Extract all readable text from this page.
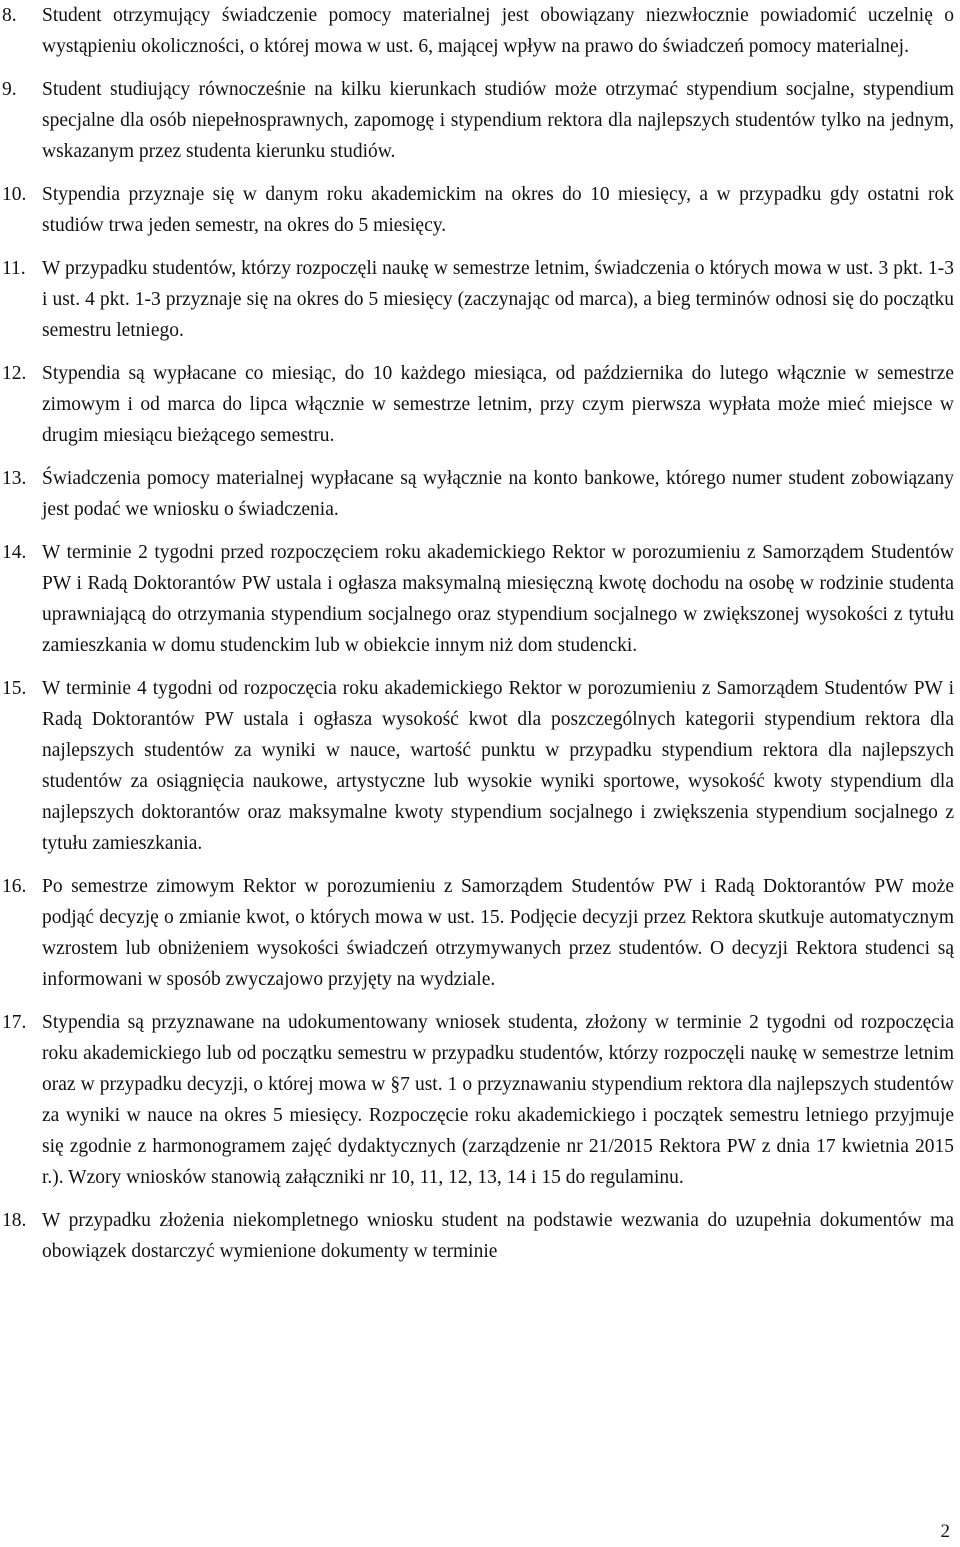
8.	Student otrzymujący świadczenie pomocy materialnej jest obowiązany niezwłocznie powiadomić uczelnię o wystąpieniu okoliczności, o której mowa w ust. 6, mającej wpływ na prawo do świadczeń pomocy materialnej.
9.	Student studiujący równocześnie na kilku kierunkach studiów może otrzymać stypendium socjalne, stypendium specjalne dla osób niepełnosprawnych, zapomogę i stypendium rektora dla najlepszych studentów tylko na jednym, wskazanym przez studenta kierunku studiów.
10. Stypendia przyznaje się w danym roku akademickim na okres do 10 miesięcy, a w przypadku gdy ostatni rok studiów trwa jeden semestr, na okres do 5 miesięcy.
11. W przypadku studentów, którzy rozpoczęli naukę w semestrze letnim, świadczenia o których mowa w ust. 3 pkt. 1-3 i ust. 4 pkt. 1-3 przyznaje się na okres do 5 miesięcy (zaczynając od marca), a bieg terminów odnosi się do początku semestru letniego.
12. Stypendia są wypłacane co miesiąc, do 10 każdego miesiąca, od października do lutego włącznie w semestrze zimowym i od marca do lipca włącznie w semestrze letnim, przy czym pierwsza wypłata może mieć miejsce w drugim miesiącu bieżącego semestru.
13. Świadczenia pomocy materialnej wypłacane są wyłącznie na konto bankowe, którego numer student zobowiązany jest podać we wniosku o świadczenia.
14. W terminie 2 tygodni przed rozpoczęciem roku akademickiego Rektor w porozumieniu z Samorządem Studentów PW i Radą Doktorantów PW ustala i ogłasza maksymalną miesięczną kwotę dochodu na osobę w rodzinie studenta uprawniającą do otrzymania stypendium socjalnego oraz stypendium socjalnego w zwiększonej wysokości z tytułu zamieszkania w domu studenckim lub w obiekcie innym niż dom studencki.
15. W terminie 4 tygodni od rozpoczęcia roku akademickiego Rektor w porozumieniu z Samorządem Studentów PW i Radą Doktorantów PW ustala i ogłasza wysokość kwot dla poszczególnych kategorii stypendium rektora dla najlepszych studentów za wyniki w nauce, wartość punktu w przypadku stypendium rektora dla najlepszych studentów za osiągnięcia naukowe, artystyczne lub wysokie wyniki sportowe, wysokość kwoty stypendium dla najlepszych doktorantów oraz maksymalne kwoty stypendium socjalnego i zwiększenia stypendium socjalnego z tytułu zamieszkania.
16. Po semestrze zimowym Rektor w porozumieniu z Samorządem Studentów PW i Radą Doktorantów PW może podjąć decyzję o zmianie kwot, o których mowa w ust. 15. Podjęcie decyzji przez Rektora skutkuje automatycznym wzrostem lub obniżeniem wysokości świadczeń otrzymywanych przez studentów. O decyzji Rektora studenci są informowani w sposób zwyczajowo przyjęty na wydziale.
17. Stypendia są przyznawane na udokumentowany wniosek studenta, złożony w terminie 2 tygodni od rozpoczęcia roku akademickiego lub od początku semestru w przypadku studentów, którzy rozpoczęli naukę w semestrze letnim oraz w przypadku decyzji, o której mowa w §7 ust. 1 o przyznawaniu stypendium rektora dla najlepszych studentów za wyniki w nauce na okres 5 miesięcy. Rozpoczęcie roku akademickiego i początek semestru letniego przyjmuje się zgodnie z harmonogramem zajęć dydaktycznych (zarządzenie nr 21/2015 Rektora PW z dnia 17 kwietnia 2015 r.). Wzory wniosków stanowią załączniki nr 10, 11, 12, 13, 14 i 15 do regulaminu.
18. W przypadku złożenia niekompletnego wniosku student na podstawie wezwania do uzupełnia dokumentów ma obowiązek dostarczyć wymienione dokumenty w terminie
2
